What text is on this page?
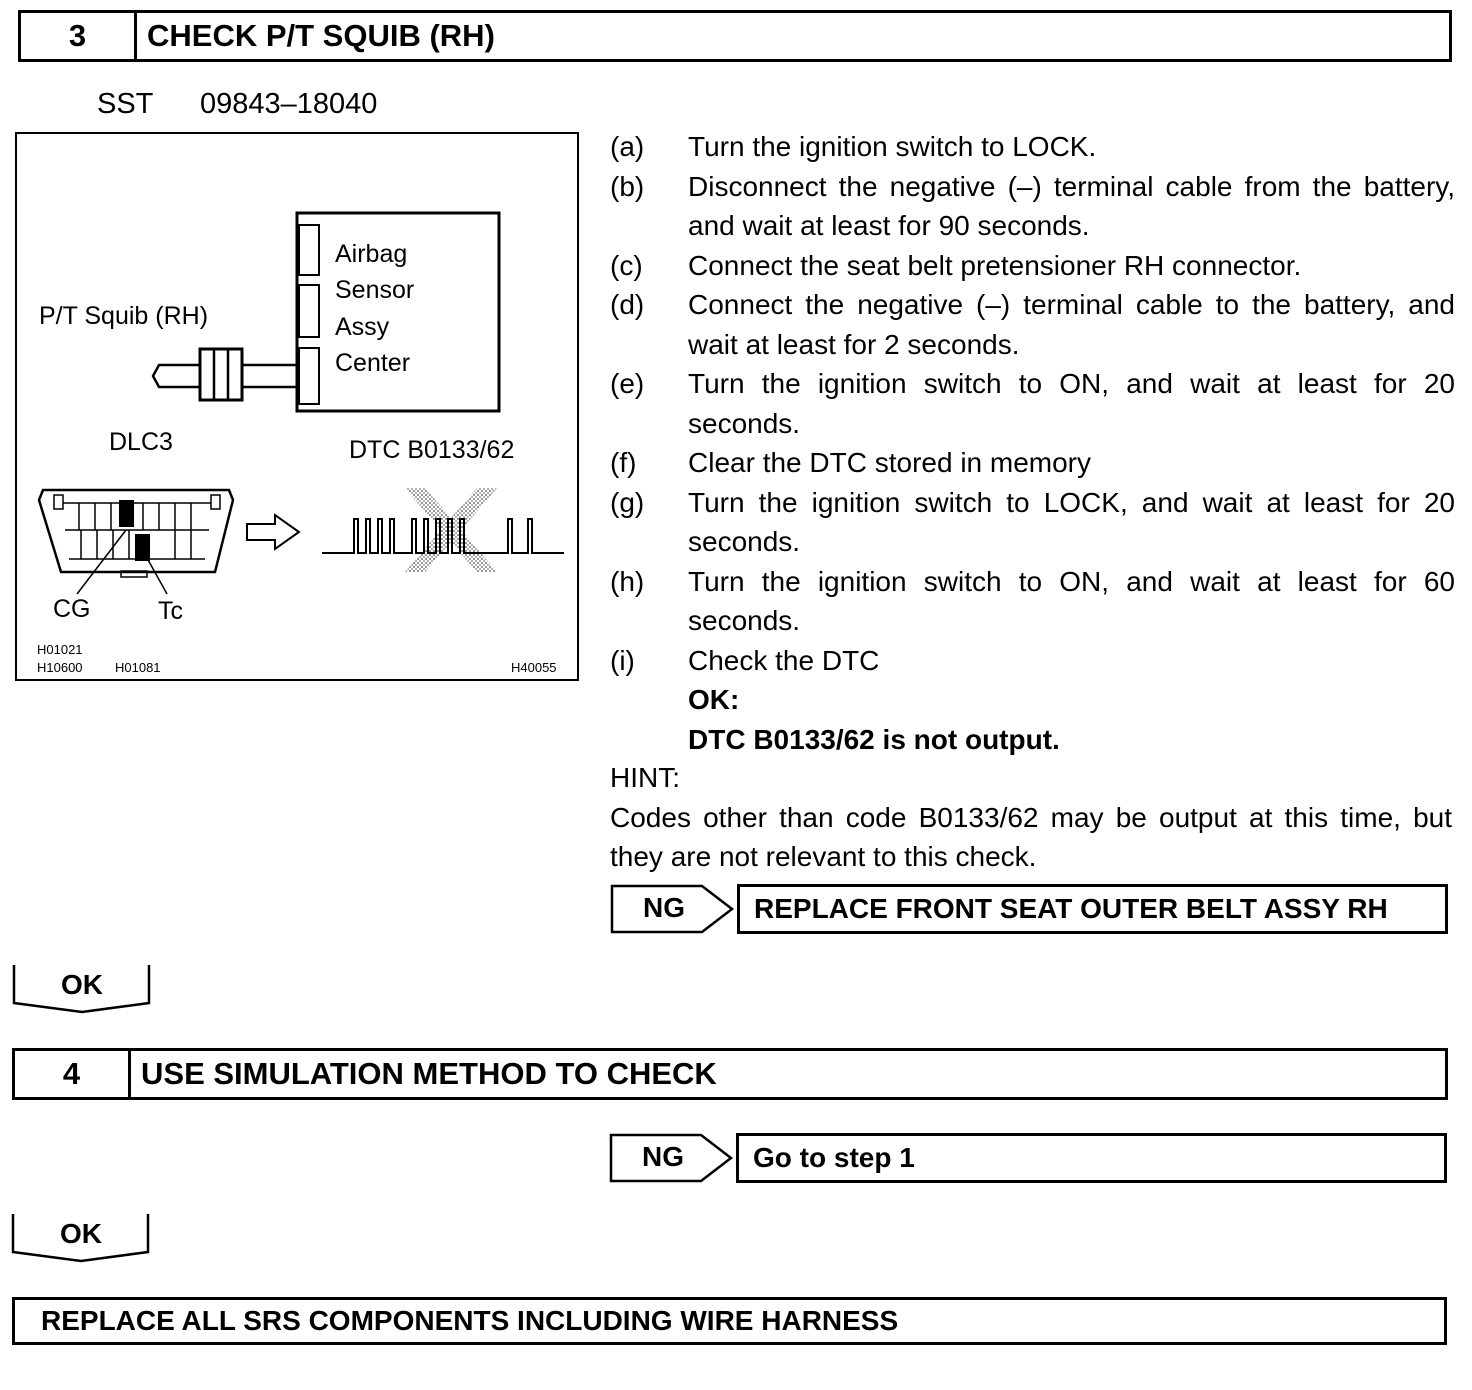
3	CHECK P/T SQUIB (RH)
SST 09843–18040
P/T Squib (RH)
Airbag
Sensor
Assy
Center
DLC3	DTC B0133/62
CG	Tc
H01021
H10600 H01081	H40055
(a)	Turn the ignition switch to LOCK.
(b)	Disconnect the negative (–) terminal cable from the battery, and wait at least for 90 seconds.
(c)	Connect the seat belt pretensioner RH connector.
(d)	Connect the negative (–) terminal cable to the battery, and wait at least for 2 seconds.
(e)	Turn the ignition switch to ON, and wait at least for 20 seconds.
(f)	Clear the DTC stored in memory
(g)	Turn the ignition switch to LOCK, and wait at least for 20 seconds.
(h)	Turn the ignition switch to ON, and wait at least for 60 seconds.
(i)	Check the DTC
OK:
DTC B0133/62 is not output.
HINT:
Codes other than code B0133/62 may be output at this time, but they are not relevant to this check.
NG REPLACE FRONT SEAT OUTER BELT ASSY RH
OK
4	USE SIMULATION METHOD TO CHECK
NG Go to step 1
OK
REPLACE ALL SRS COMPONENTS INCLUDING WIRE HARNESS
